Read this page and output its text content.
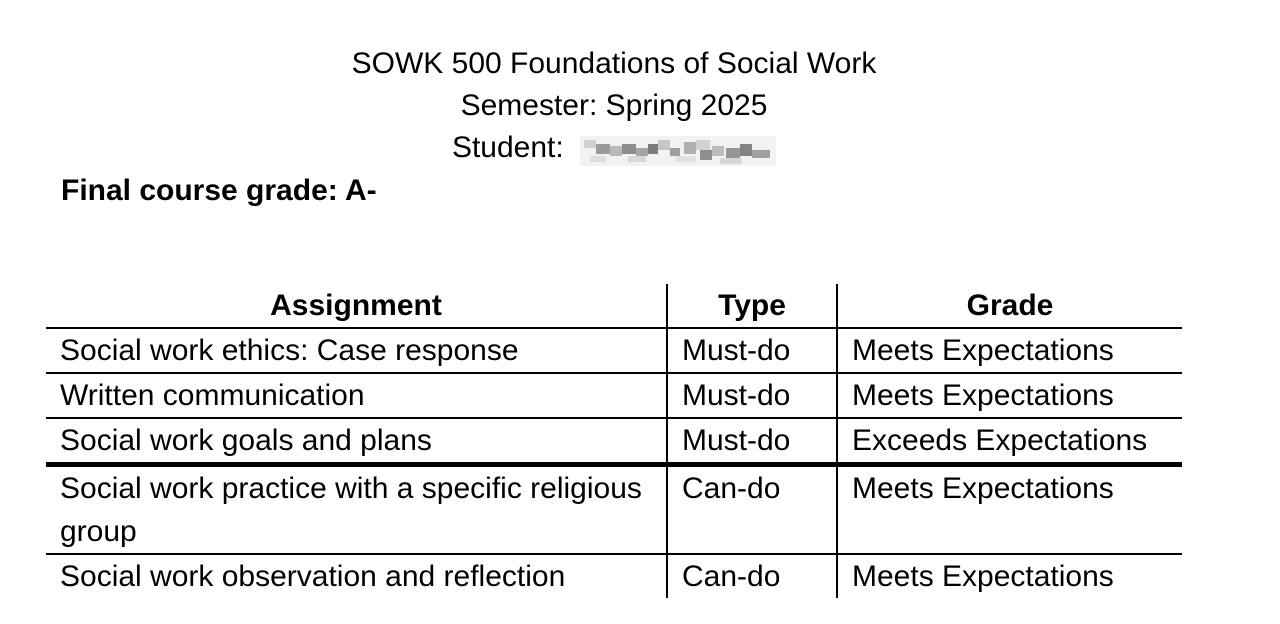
SOWK 500 Foundations of Social Work
Semester: Spring 2025
Student:
Final course grade: A-
Assignment	Type	Grade
Social work ethics: Case response	Must-do	Meets Expectations
Written communication	Must-do	Meets Expectations
Social work goals and plans	Must-do	Exceeds Expectations
Social work practice with a specific religious group	Can-do	Meets Expectations
Social work observation and reflection	Can-do	Meets Expectations
